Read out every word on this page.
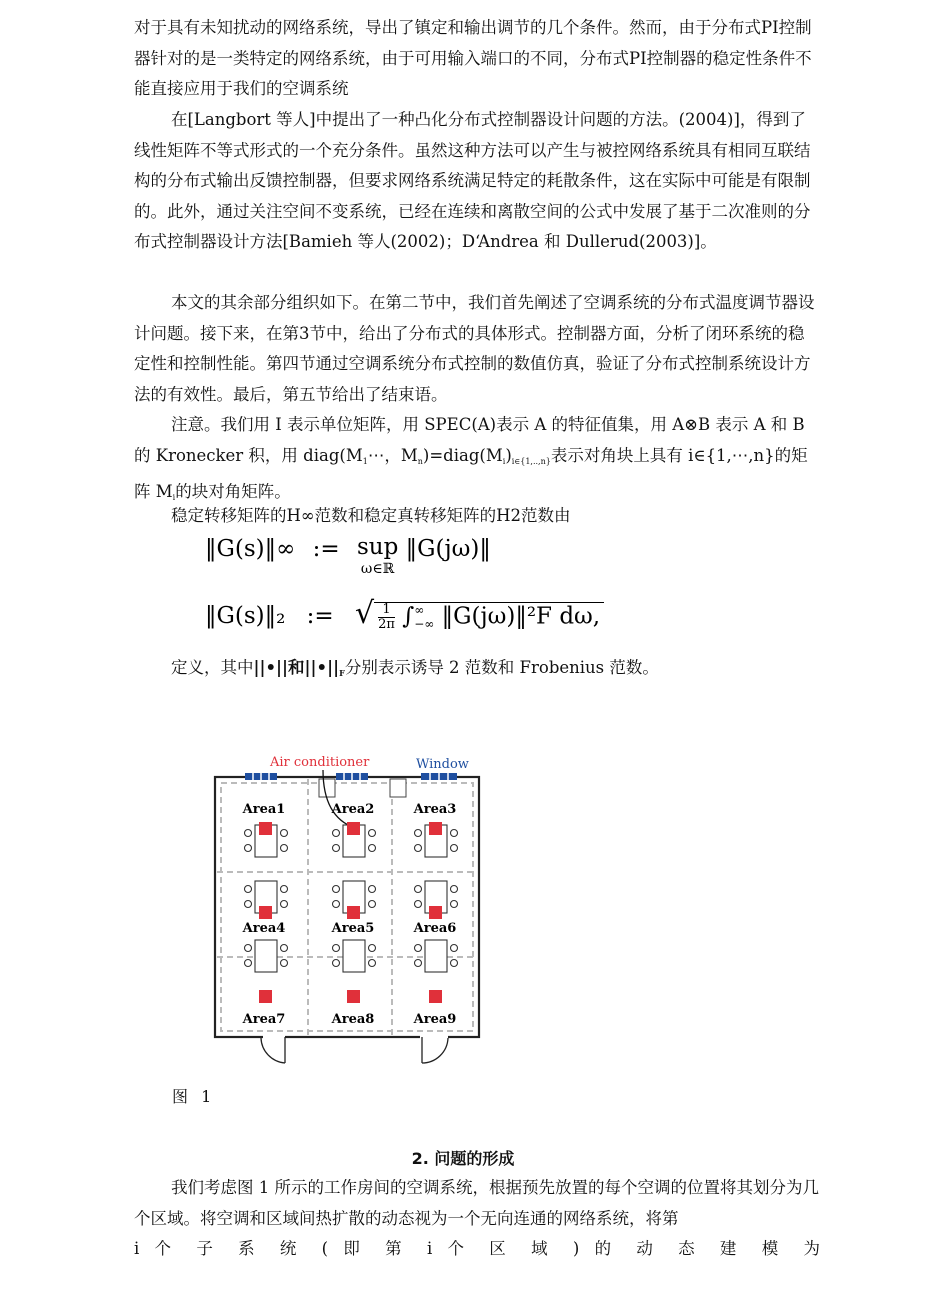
对于具有未知扰动的网络系统，导出了镇定和输出调节的几个条件。然而，由于分布式PI控制器针对的是一类特定的网络系统，由于可用输入端口的不同，分布式PI控制器的稳定性条件不能直接应用于我们的空调系统

在[Langbort 等人]中提出了一种凸化分布式控制器设计问题的方法。(2004)]，得到了线性矩阵不等式形式的一个充分条件。虽然这种方法可以产生与被控网络系统具有相同互联结构的分布式输出反馈控制器，但要求网络系统满足特定的耗散条件，这在实际中可能是有限制的。此外，通过关注空间不变系统，已经在连续和离散空间的公式中发展了基于二次准则的分布式控制器设计方法[Bamieh 等人(2002)；D‘Andrea 和 Dullerud(2003)]。

本文的其余部分组织如下。在第二节中，我们首先阐述了空调系统的分布式温度调节器设计问题。接下来，在第3节中，给出了分布式的具体形式。控制器方面，分析了闭环系统的稳定性和控制性能。第四节通过空调系统分布式控制的数值仿真，验证了分布式控制系统设计方法的有效性。最后，第五节给出了结束语。

注意。我们用 I 表示单位矩阵，用 SPEC(A)表示 A 的特征值集，用 A⊗B 表示 A 和 B 的 Kronecker 积，用 $diag(M_1\cdots$，$M_n)=diag(M_i)_{i\in\{1,..,n\}}$表示对角块上具有 i∈{1,⋯,n}的矩阵 $M_i$的块对角矩阵。

稳定转移矩阵的H∞范数和稳定真转移矩阵的H2范数由
‖G(s)‖∞ := sup
ω∈ℝ
‖G(jω)‖
‖G(s)‖₂ := √ $\frac{1}{2\pi}$ ∫ ∞
−∞ ‖G(jω)‖²F dω,
定义，其中||•||和$||•||_F$分别表示诱导 2 范数和 Frobenius 范数。
Air conditioner	Window
Area1	Area2	Area3
Area4	Area5	Area6
Area7	Area8	Area9
图 1
2. 问题的形成

我们考虑图 1 所示的工作房间的空调系统，根据预先放置的每个空调的位置将其划分为几个区域。将空调和区域间热扩散的动态视为一个无向连通的网络系统，将第

i 个 子 系 统 ( 即 第 i 个 区 域 ) 的 动 态 建 模 为
